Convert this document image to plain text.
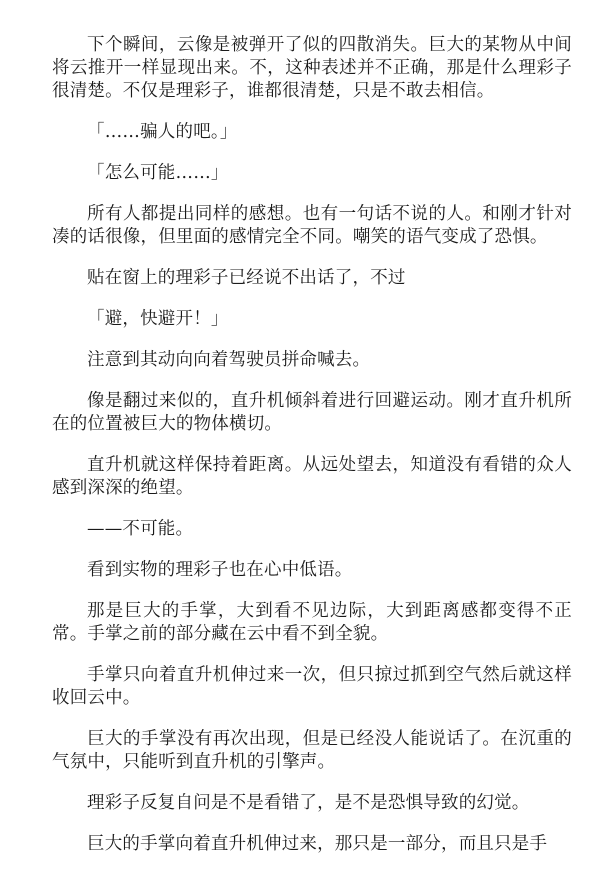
下个瞬间，云像是被弹开了似的四散消失。巨大的某物从中间将云推开一样显现出来。不，这种表述并不正确，那是什么理彩子很清楚。不仅是理彩子，谁都很清楚，只是不敢去相信。

「……骗人的吧。」

「怎么可能……」

所有人都提出同样的感想。也有一句话不说的人。和刚才针对凑的话很像，但里面的感情完全不同。嘲笑的语气变成了恐惧。

贴在窗上的理彩子已经说不出话了，不过

「避，快避开！」

注意到其动向向着驾驶员拼命喊去。

像是翻过来似的，直升机倾斜着进行回避运动。刚才直升机所在的位置被巨大的物体横切。

直升机就这样保持着距离。从远处望去，知道没有看错的众人感到深深的绝望。

——不可能。

看到实物的理彩子也在心中低语。

那是巨大的手掌，大到看不见边际，大到距离感都变得不正常。手掌之前的部分藏在云中看不到全貌。

手掌只向着直升机伸过来一次，但只掠过抓到空气然后就这样收回云中。

巨大的手掌没有再次出现，但是已经没人能说话了。在沉重的气氛中，只能听到直升机的引擎声。

理彩子反复自问是不是看错了，是不是恐惧导致的幻觉。

巨大的手掌向着直升机伸过来，那只是一部分，而且只是手
